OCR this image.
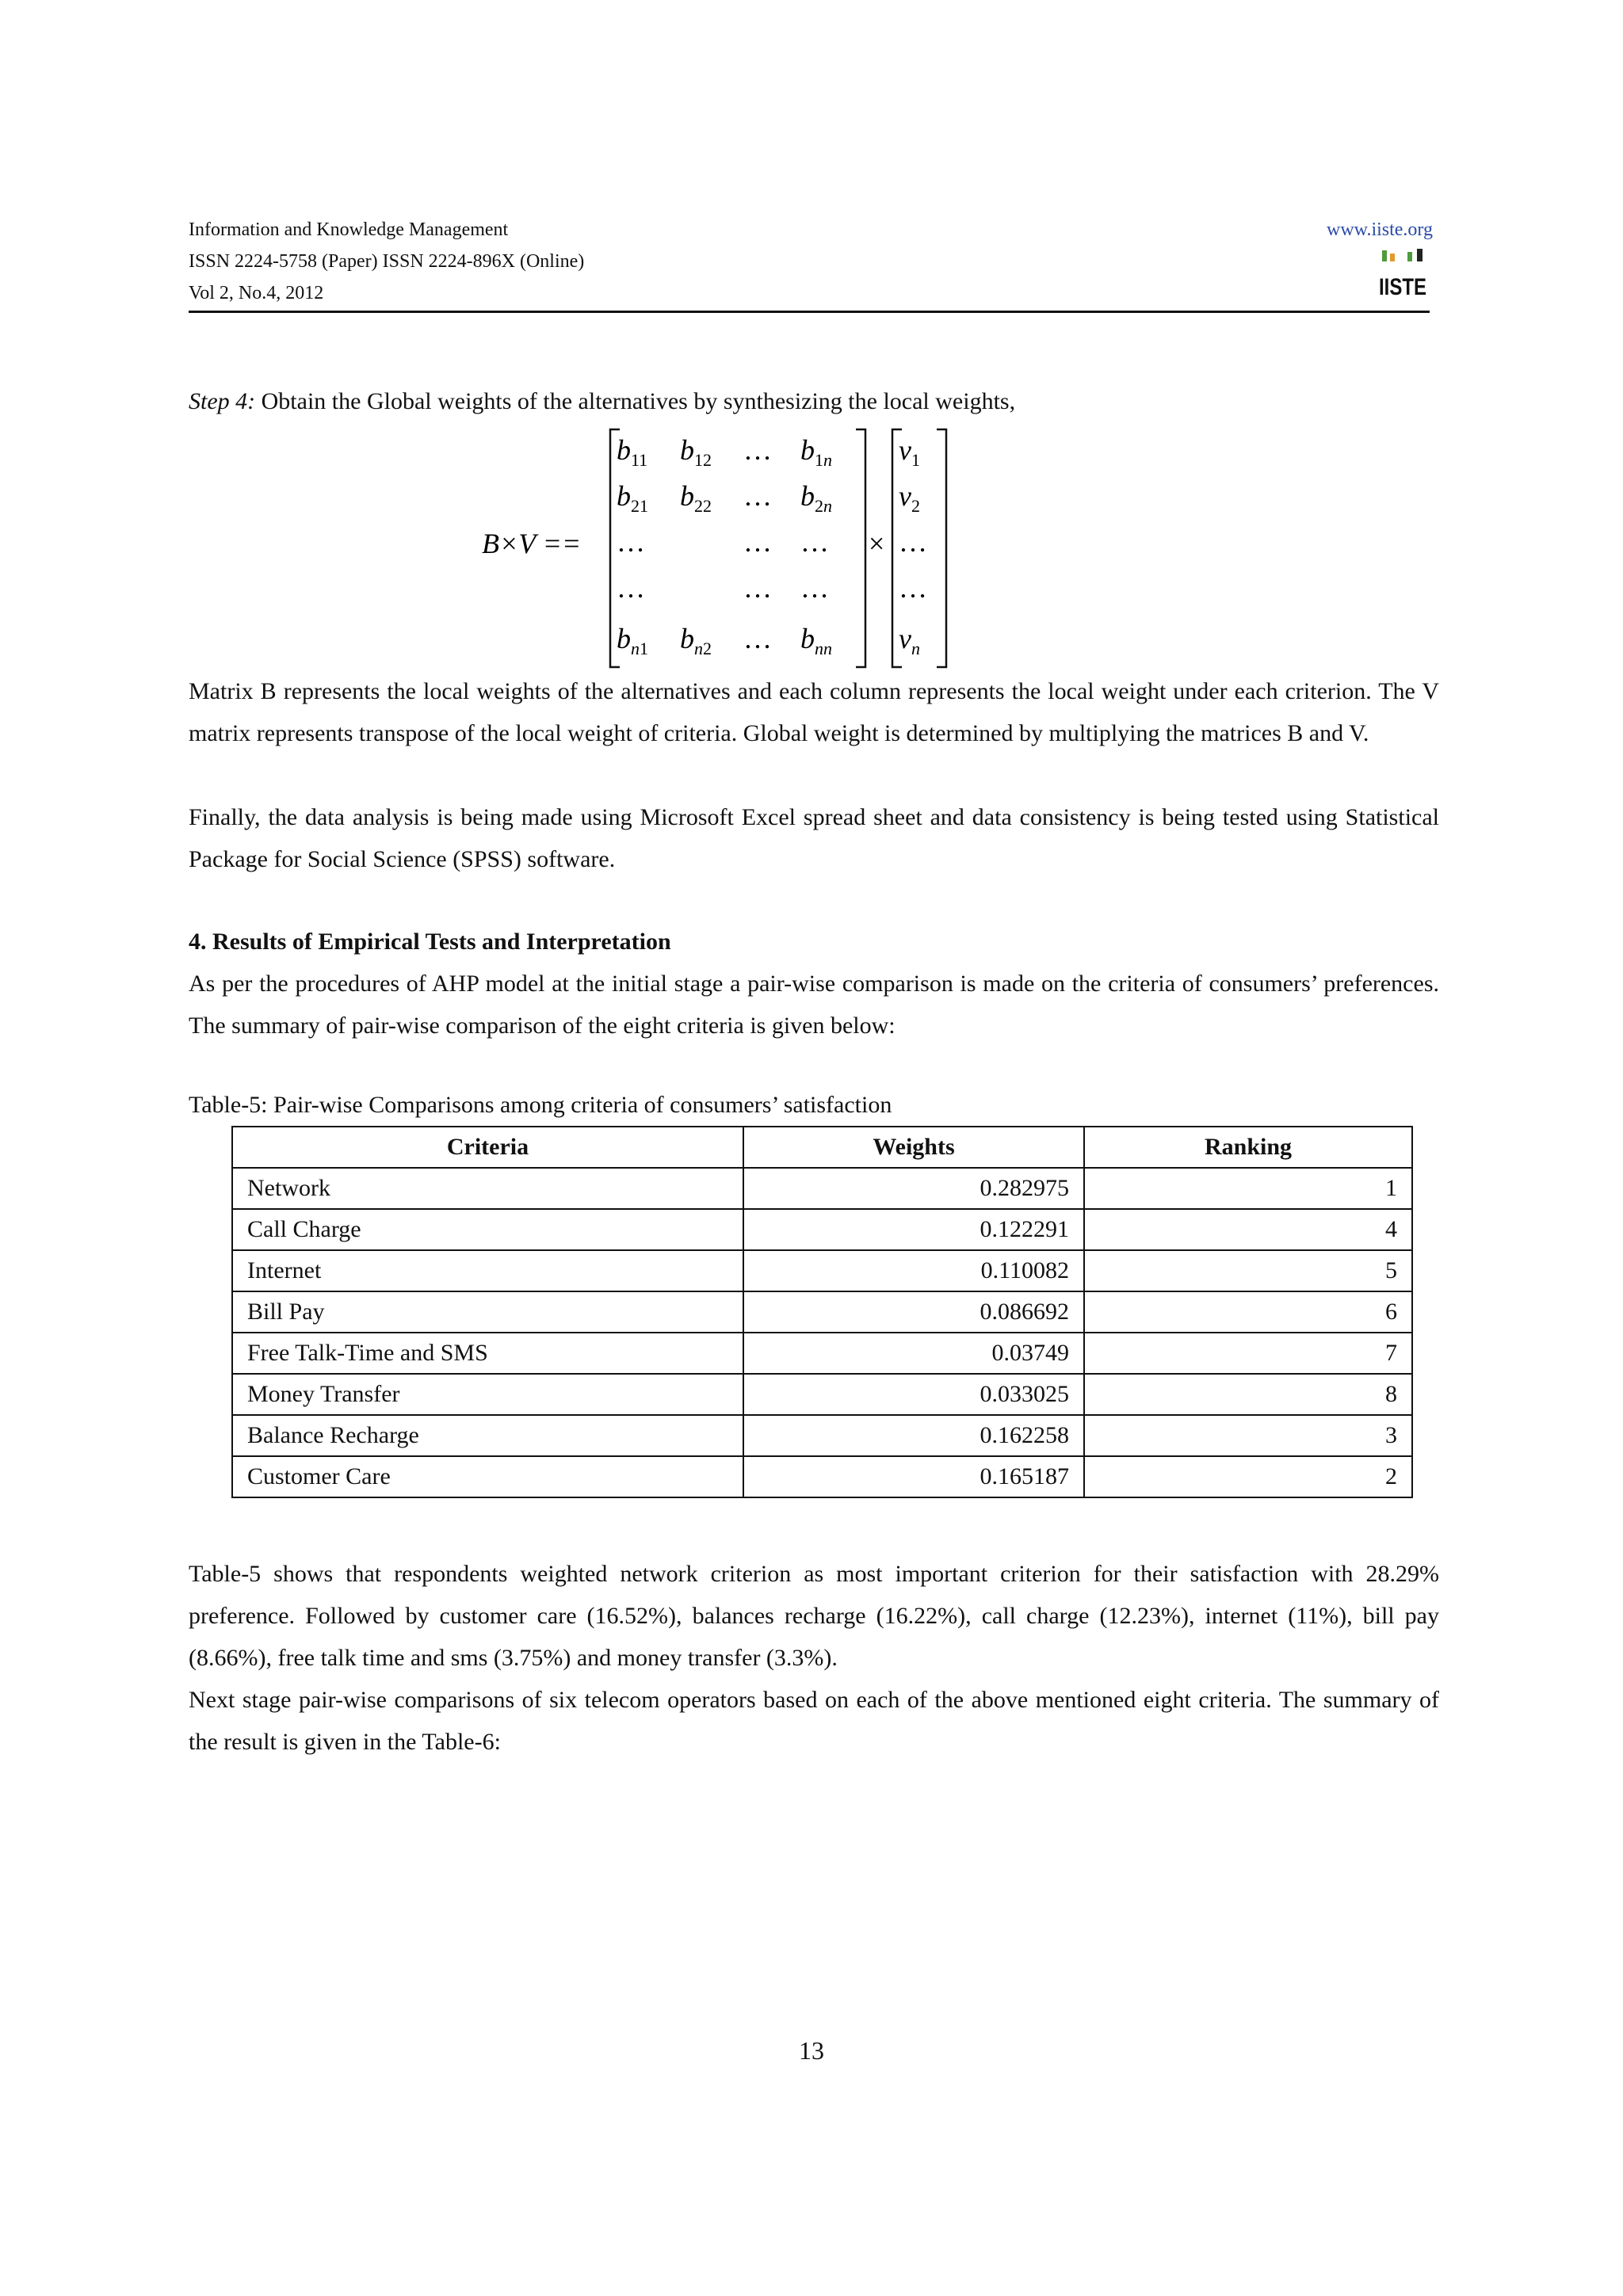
Information and Knowledge Management
ISSN 2224-5758 (Paper) ISSN 2224-896X (Online)
Vol 2, No.4, 2012
www.iiste.org
IISTE
Step 4: Obtain the Global weights of the alternatives by synthesizing the local weights,
B×V ==
$b_{11}$ $b_{12}$ … $b_1n$
$b_{21}$ $b_{22}$ … $b_2n$
…	… …
…	… …
$b_n1$ $b_n2$ … $b_{nn}$
×
$v_1$
$v_2$
…
…
$v_n$
Matrix B represents the local weights of the alternatives and each column represents the local weight under each criterion. The V matrix represents transpose of the local weight of criteria. Global weight is determined by multiplying the matrices B and V.
Finally, the data analysis is being made using Microsoft Excel spread sheet and data consistency is being tested using Statistical Package for Social Science (SPSS) software.
4. Results of Empirical Tests and Interpretation
As per the procedures of AHP model at the initial stage a pair-wise comparison is made on the criteria of consumers’ preferences. The summary of pair-wise comparison of the eight criteria is given below:
Table-5: Pair-wise Comparisons among criteria of consumers’ satisfaction
Criteria	Weights	Ranking
Network	0.282975	1
Call Charge	0.122291	4
Internet	0.110082	5
Bill Pay	0.086692	6
Free Talk-Time and SMS	0.03749	7
Money Transfer	0.033025	8
Balance Recharge	0.162258	3
Customer Care	0.165187	2
Table-5 shows that respondents weighted network criterion as most important criterion for their satisfaction with 28.29% preference. Followed by customer care (16.52%), balances recharge (16.22%), call charge (12.23%), internet (11%), bill pay (8.66%), free talk time and sms (3.75%) and money transfer (3.3%).
Next stage pair-wise comparisons of six telecom operators based on each of the above mentioned eight criteria. The summary of the result is given in the Table-6:
13
